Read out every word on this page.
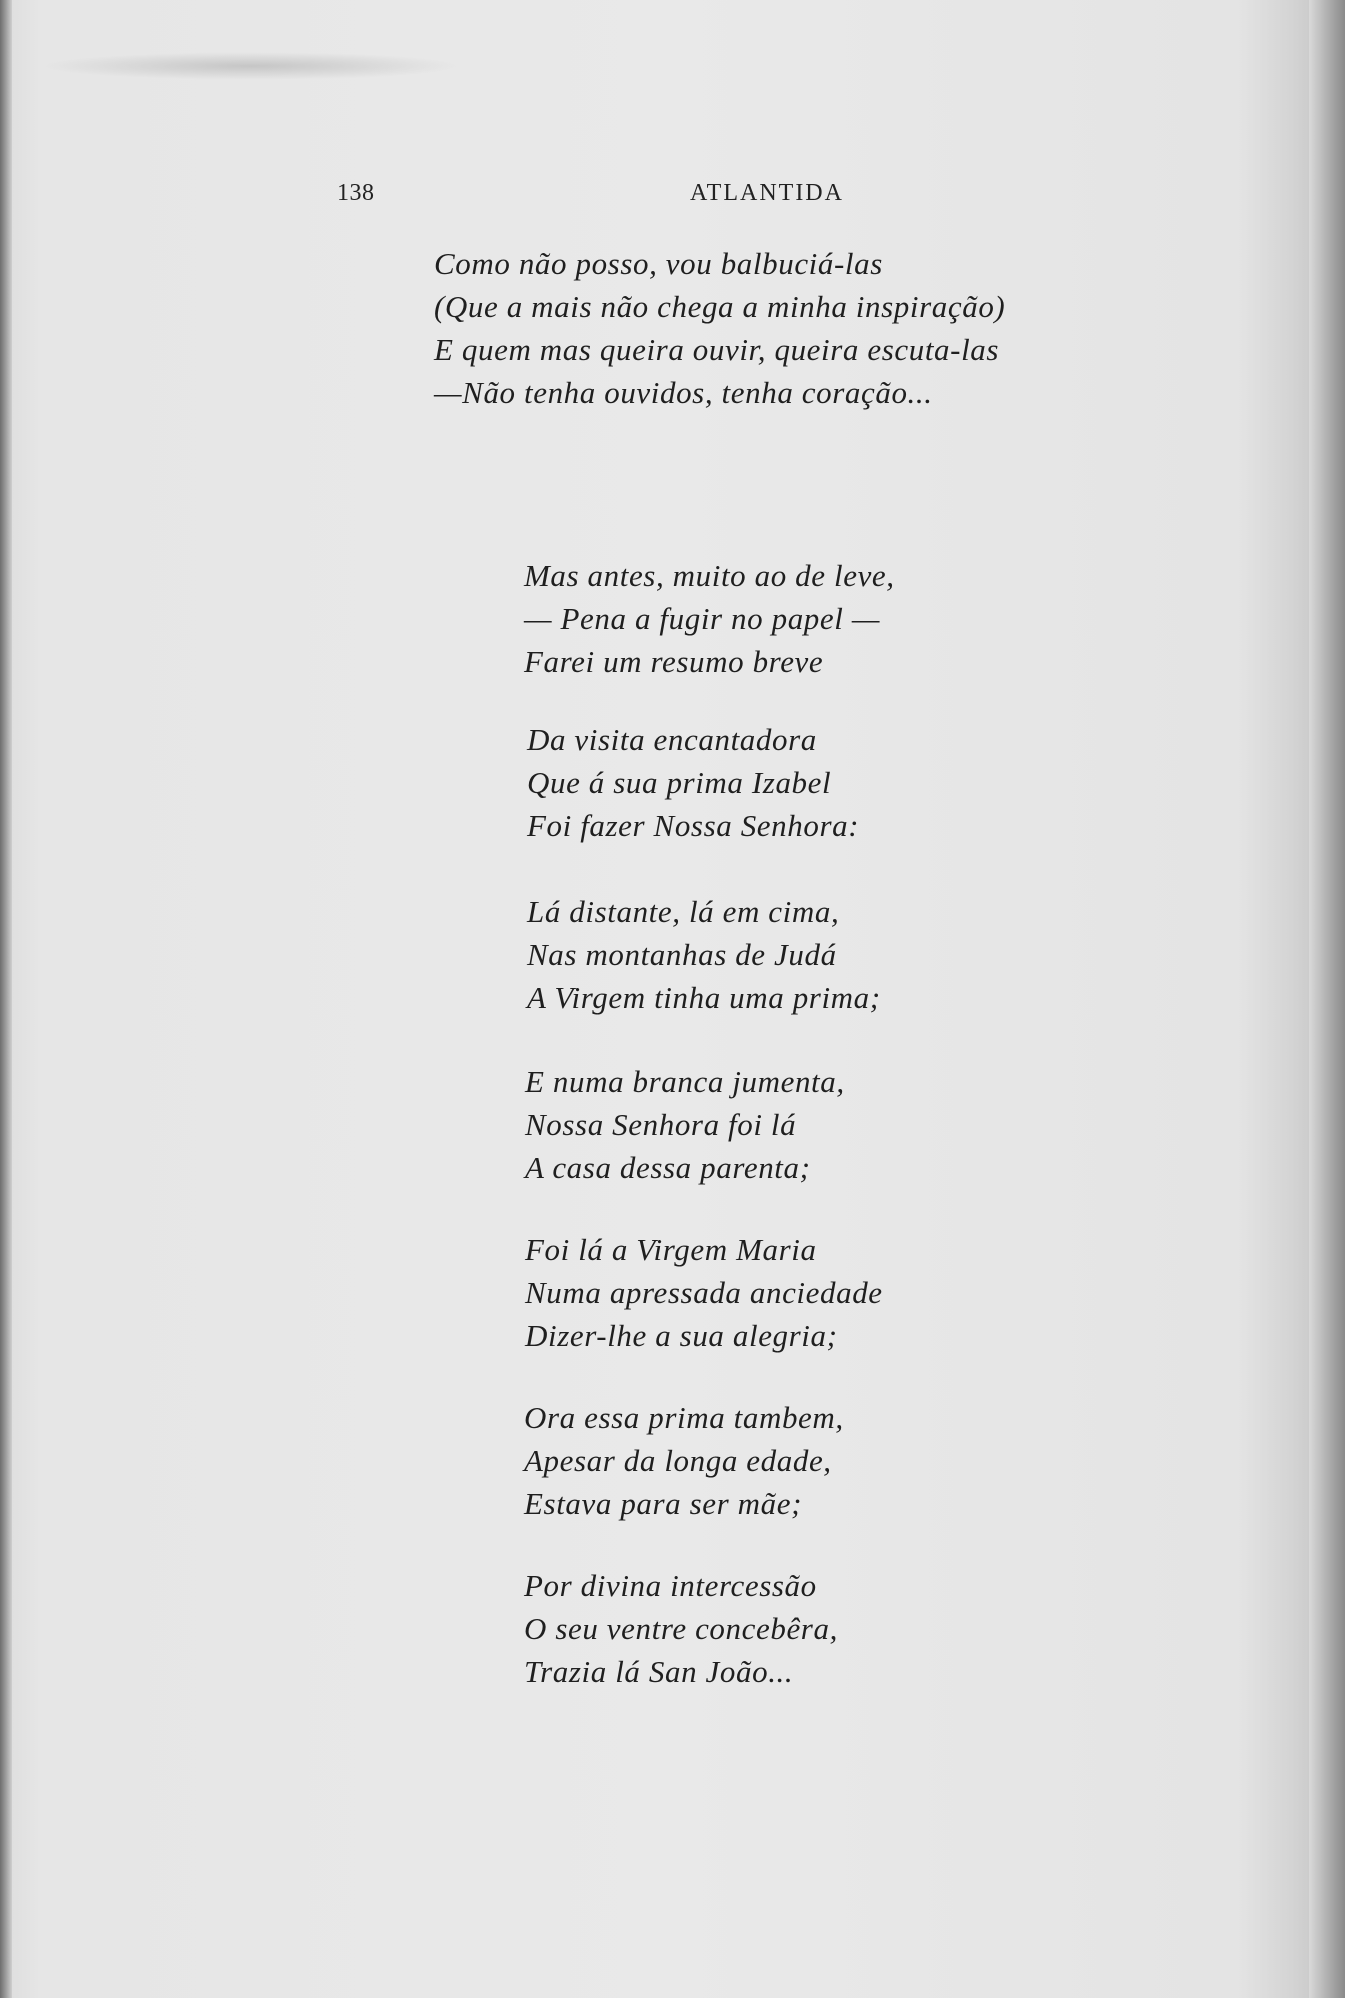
138	ATLANTIDA
Como não posso, vou balbuciá-las
(Que a mais não chega a minha inspiração)
E quem mas queira ouvir, queira escuta-las
—Não tenha ouvidos, tenha coração...
Mas antes, muito ao de leve,
— Pena a fugir no papel —
Farei um resumo breve
Da visita encantadora
Que á sua prima Izabel
Foi fazer Nossa Senhora:
Lá distante, lá em cima,
Nas montanhas de Judá
A Virgem tinha uma prima;
E numa branca jumenta,
Nossa Senhora foi lá
A casa dessa parenta;
Foi lá a Virgem Maria
Numa apressada anciedade
Dizer-lhe a sua alegria;
Ora essa prima tambem,
Apesar da longa edade,
Estava para ser mãe;
Por divina intercessão
O seu ventre concebêra,
Trazia lá San João...
